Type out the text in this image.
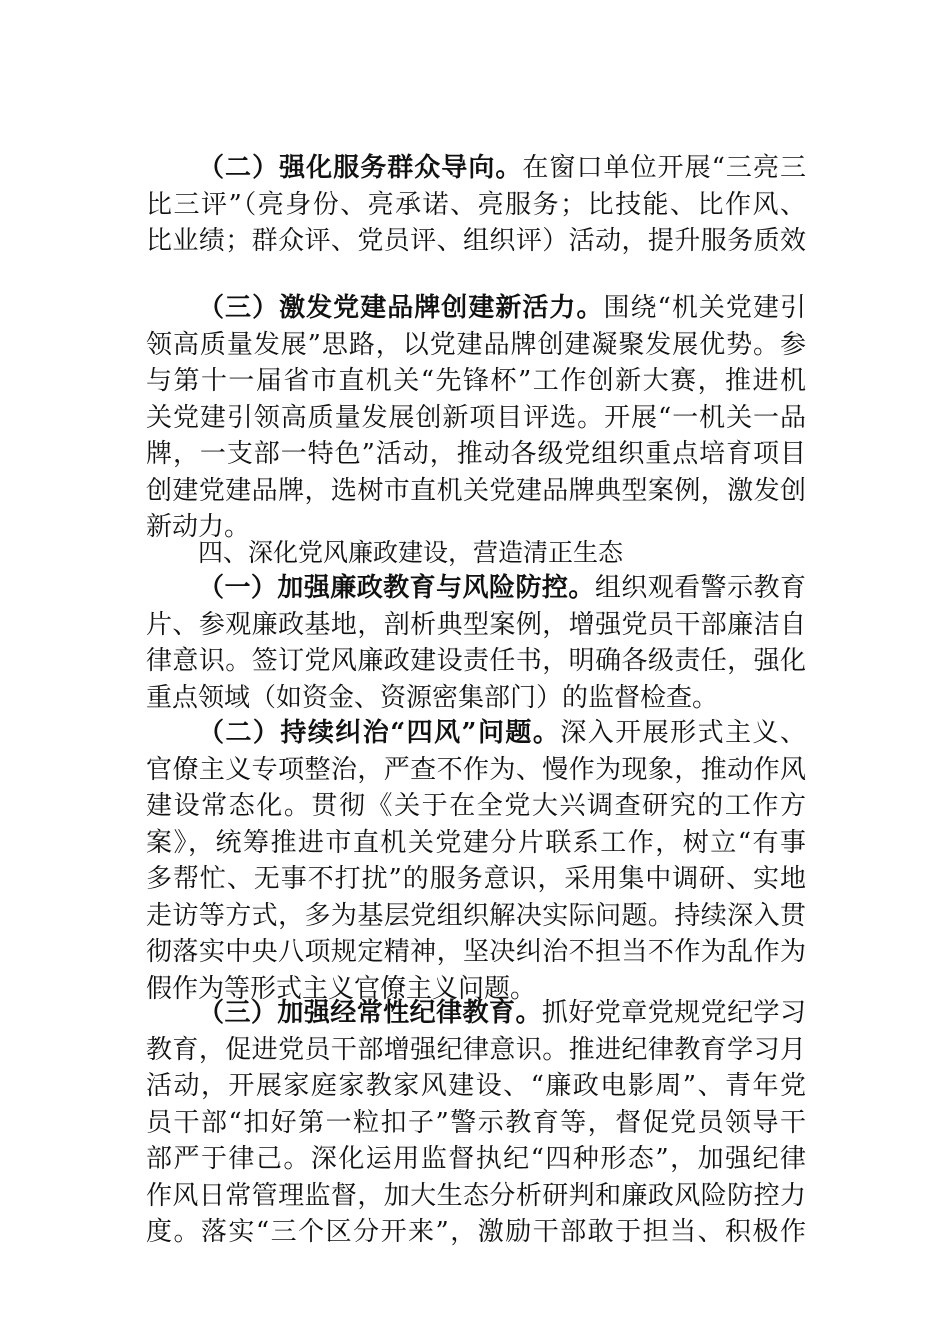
（二）强化服务群众导向。在窗口单位开展“三亮三
比三评”（亮身份、亮承诺、亮服务；比技能、比作风、
比业绩；群众评、党员评、组织评）活动，提升服务质效
（三）激发党建品牌创建新活力。围绕“机关党建引
领高质量发展”思路，以党建品牌创建凝聚发展优势。参
与第十一届省市直机关“先锋杯”工作创新大赛，推进机
关党建引领高质量发展创新项目评选。开展“一机关一品
牌，一支部一特色”活动，推动各级党组织重点培育项目
创建党建品牌，选树市直机关党建品牌典型案例，激发创
新动力。
四、深化党风廉政建设，营造清正生态
（一）加强廉政教育与风险防控。组织观看警示教育
片、参观廉政基地，剖析典型案例，增强党员干部廉洁自
律意识。签订党风廉政建设责任书，明确各级责任，强化
重点领域（如资金、资源密集部门）的监督检查。
（二）持续纠治“四风”问题。深入开展形式主义、
官僚主义专项整治，严查不作为、慢作为现象，推动作风
建设常态化。贯彻《关于在全党大兴调查研究的工作方
案》，统筹推进市直机关党建分片联系工作，树立“有事
多帮忙、无事不打扰”的服务意识，采用集中调研、实地
走访等方式，多为基层党组织解决实际问题。持续深入贯
彻落实中央八项规定精神，坚决纠治不担当不作为乱作为
假作为等形式主义官僚主义问题。
（三）加强经常性纪律教育。抓好党章党规党纪学习
教育，促进党员干部增强纪律意识。推进纪律教育学习月
活动，开展家庭家教家风建设、“廉政电影周”、青年党
员干部“扣好第一粒扣子”警示教育等，督促党员领导干
部严于律己。深化运用监督执纪“四种形态”，加强纪律
作风日常管理监督，加大生态分析研判和廉政风险防控力
度。落实“三个区分开来”，激励干部敢于担当、积极作
